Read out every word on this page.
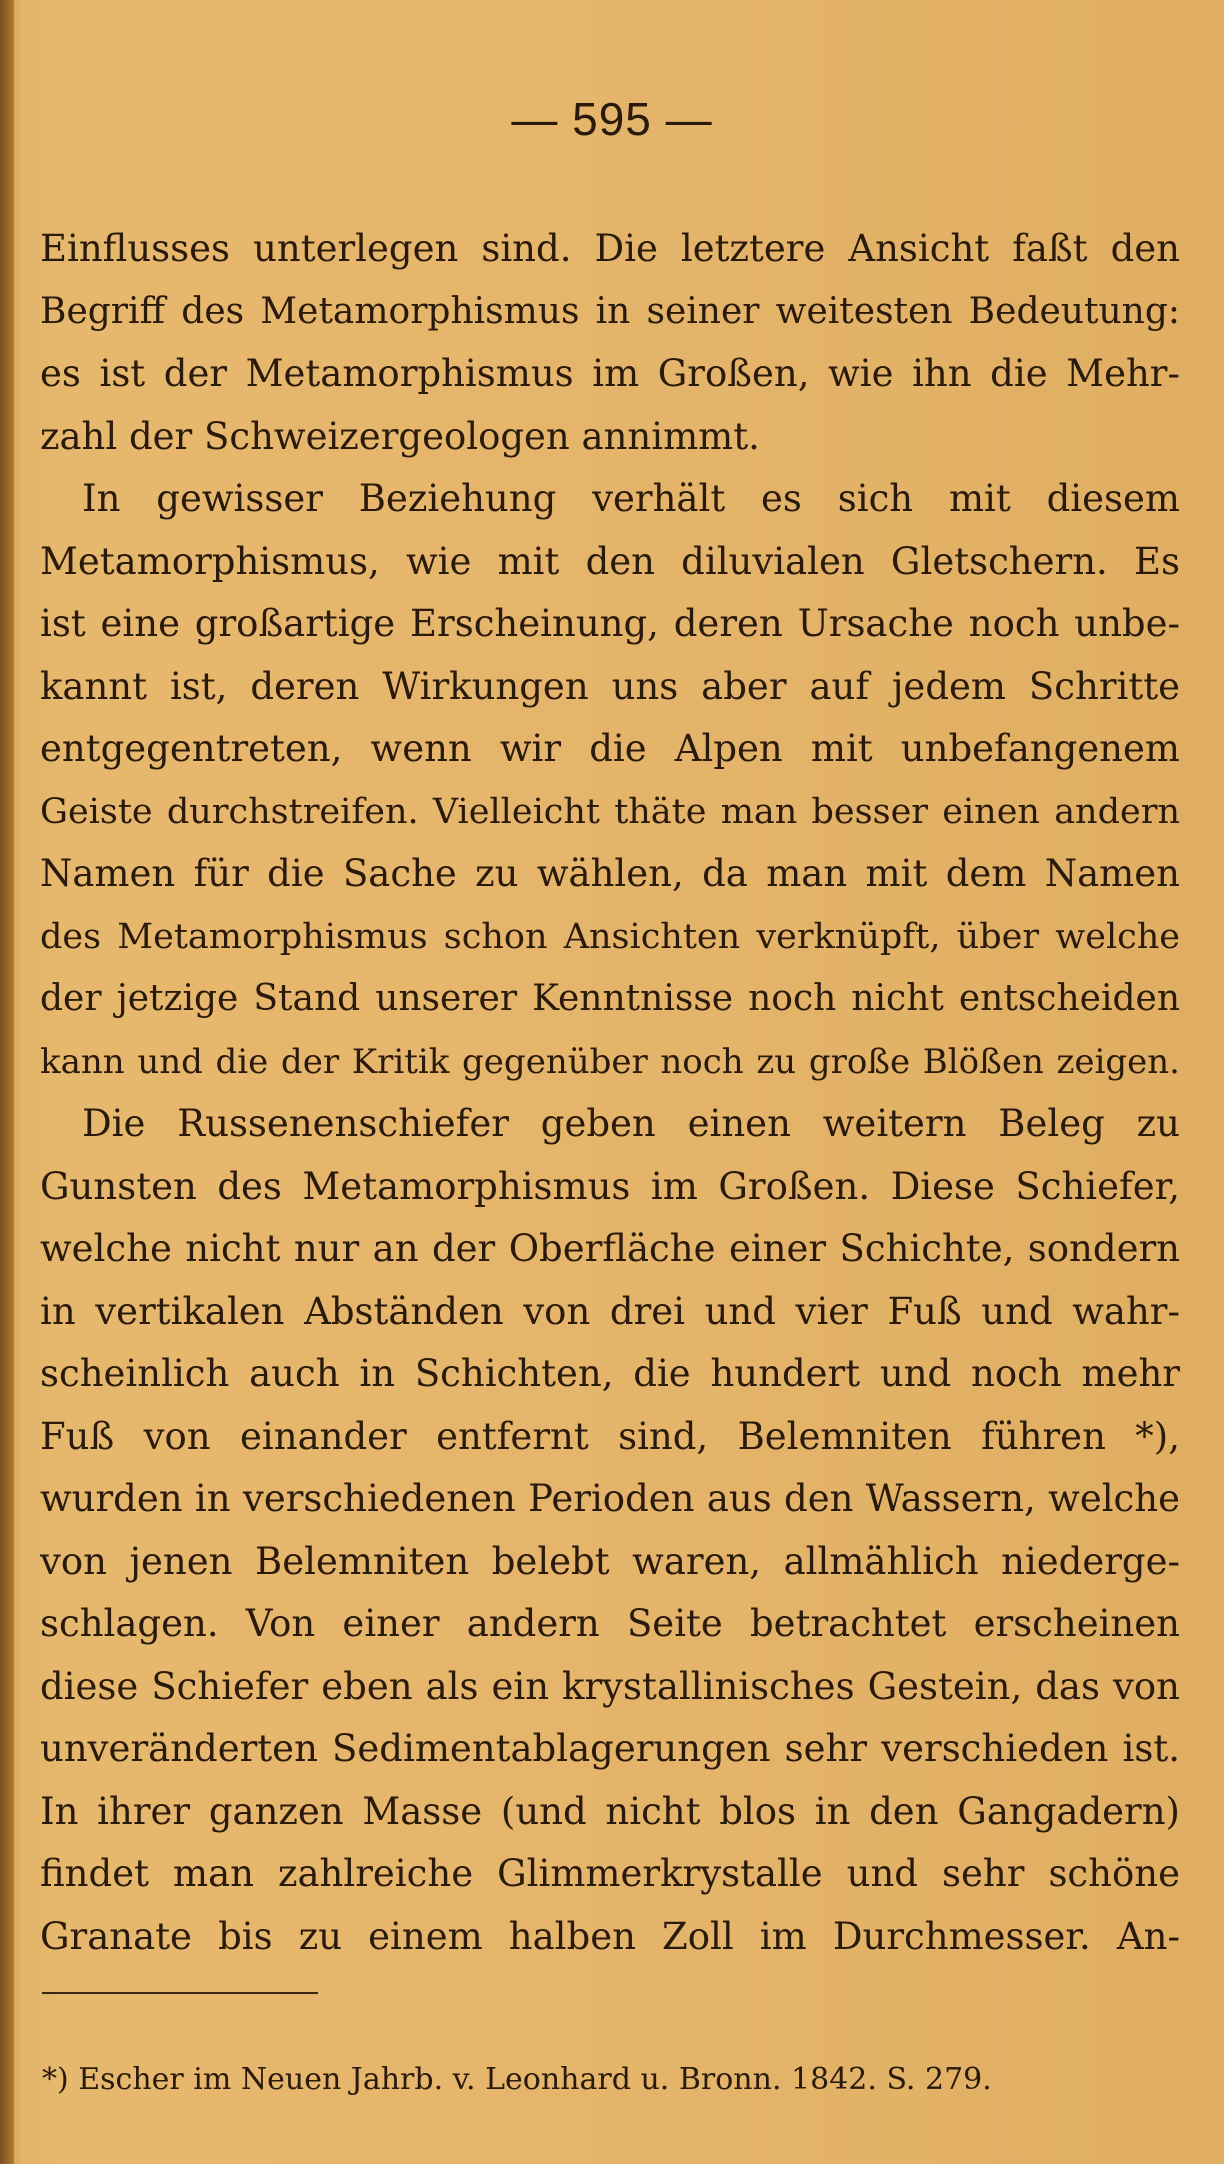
— 595 —
Einflusses unterlegen sind. Die letztere Ansicht faßt den
Begriff des Metamorphismus in seiner weitesten Bedeutung:
es ist der Metamorphismus im Großen, wie ihn die Mehr-
zahl der Schweizergeologen annimmt.
In gewisser Beziehung verhält es sich mit diesem
Metamorphismus, wie mit den diluvialen Gletschern. Es
ist eine großartige Erscheinung, deren Ursache noch unbe-
kannt ist, deren Wirkungen uns aber auf jedem Schritte
entgegentreten, wenn wir die Alpen mit unbefangenem
Geiste durchstreifen. Vielleicht thäte man besser einen andern
Namen für die Sache zu wählen, da man mit dem Namen
des Metamorphismus schon Ansichten verknüpft, über welche
der jetzige Stand unserer Kenntnisse noch nicht entscheiden
kann und die der Kritik gegenüber noch zu große Blößen zeigen.
Die Russenenschiefer geben einen weitern Beleg zu
Gunsten des Metamorphismus im Großen. Diese Schiefer,
welche nicht nur an der Oberfläche einer Schichte, sondern
in vertikalen Abständen von drei und vier Fuß und wahr-
scheinlich auch in Schichten, die hundert und noch mehr
Fuß von einander entfernt sind, Belemniten führen *),
wurden in verschiedenen Perioden aus den Wassern, welche
von jenen Belemniten belebt waren, allmählich niederge-
schlagen. Von einer andern Seite betrachtet erscheinen
diese Schiefer eben als ein krystallinisches Gestein, das von
unveränderten Sedimentablagerungen sehr verschieden ist.
In ihrer ganzen Masse (und nicht blos in den Gangadern)
findet man zahlreiche Glimmerkrystalle und sehr schöne
Granate bis zu einem halben Zoll im Durchmesser. An-
*) Escher im Neuen Jahrb. v. Leonhard u. Bronn. 1842. S. 279.
